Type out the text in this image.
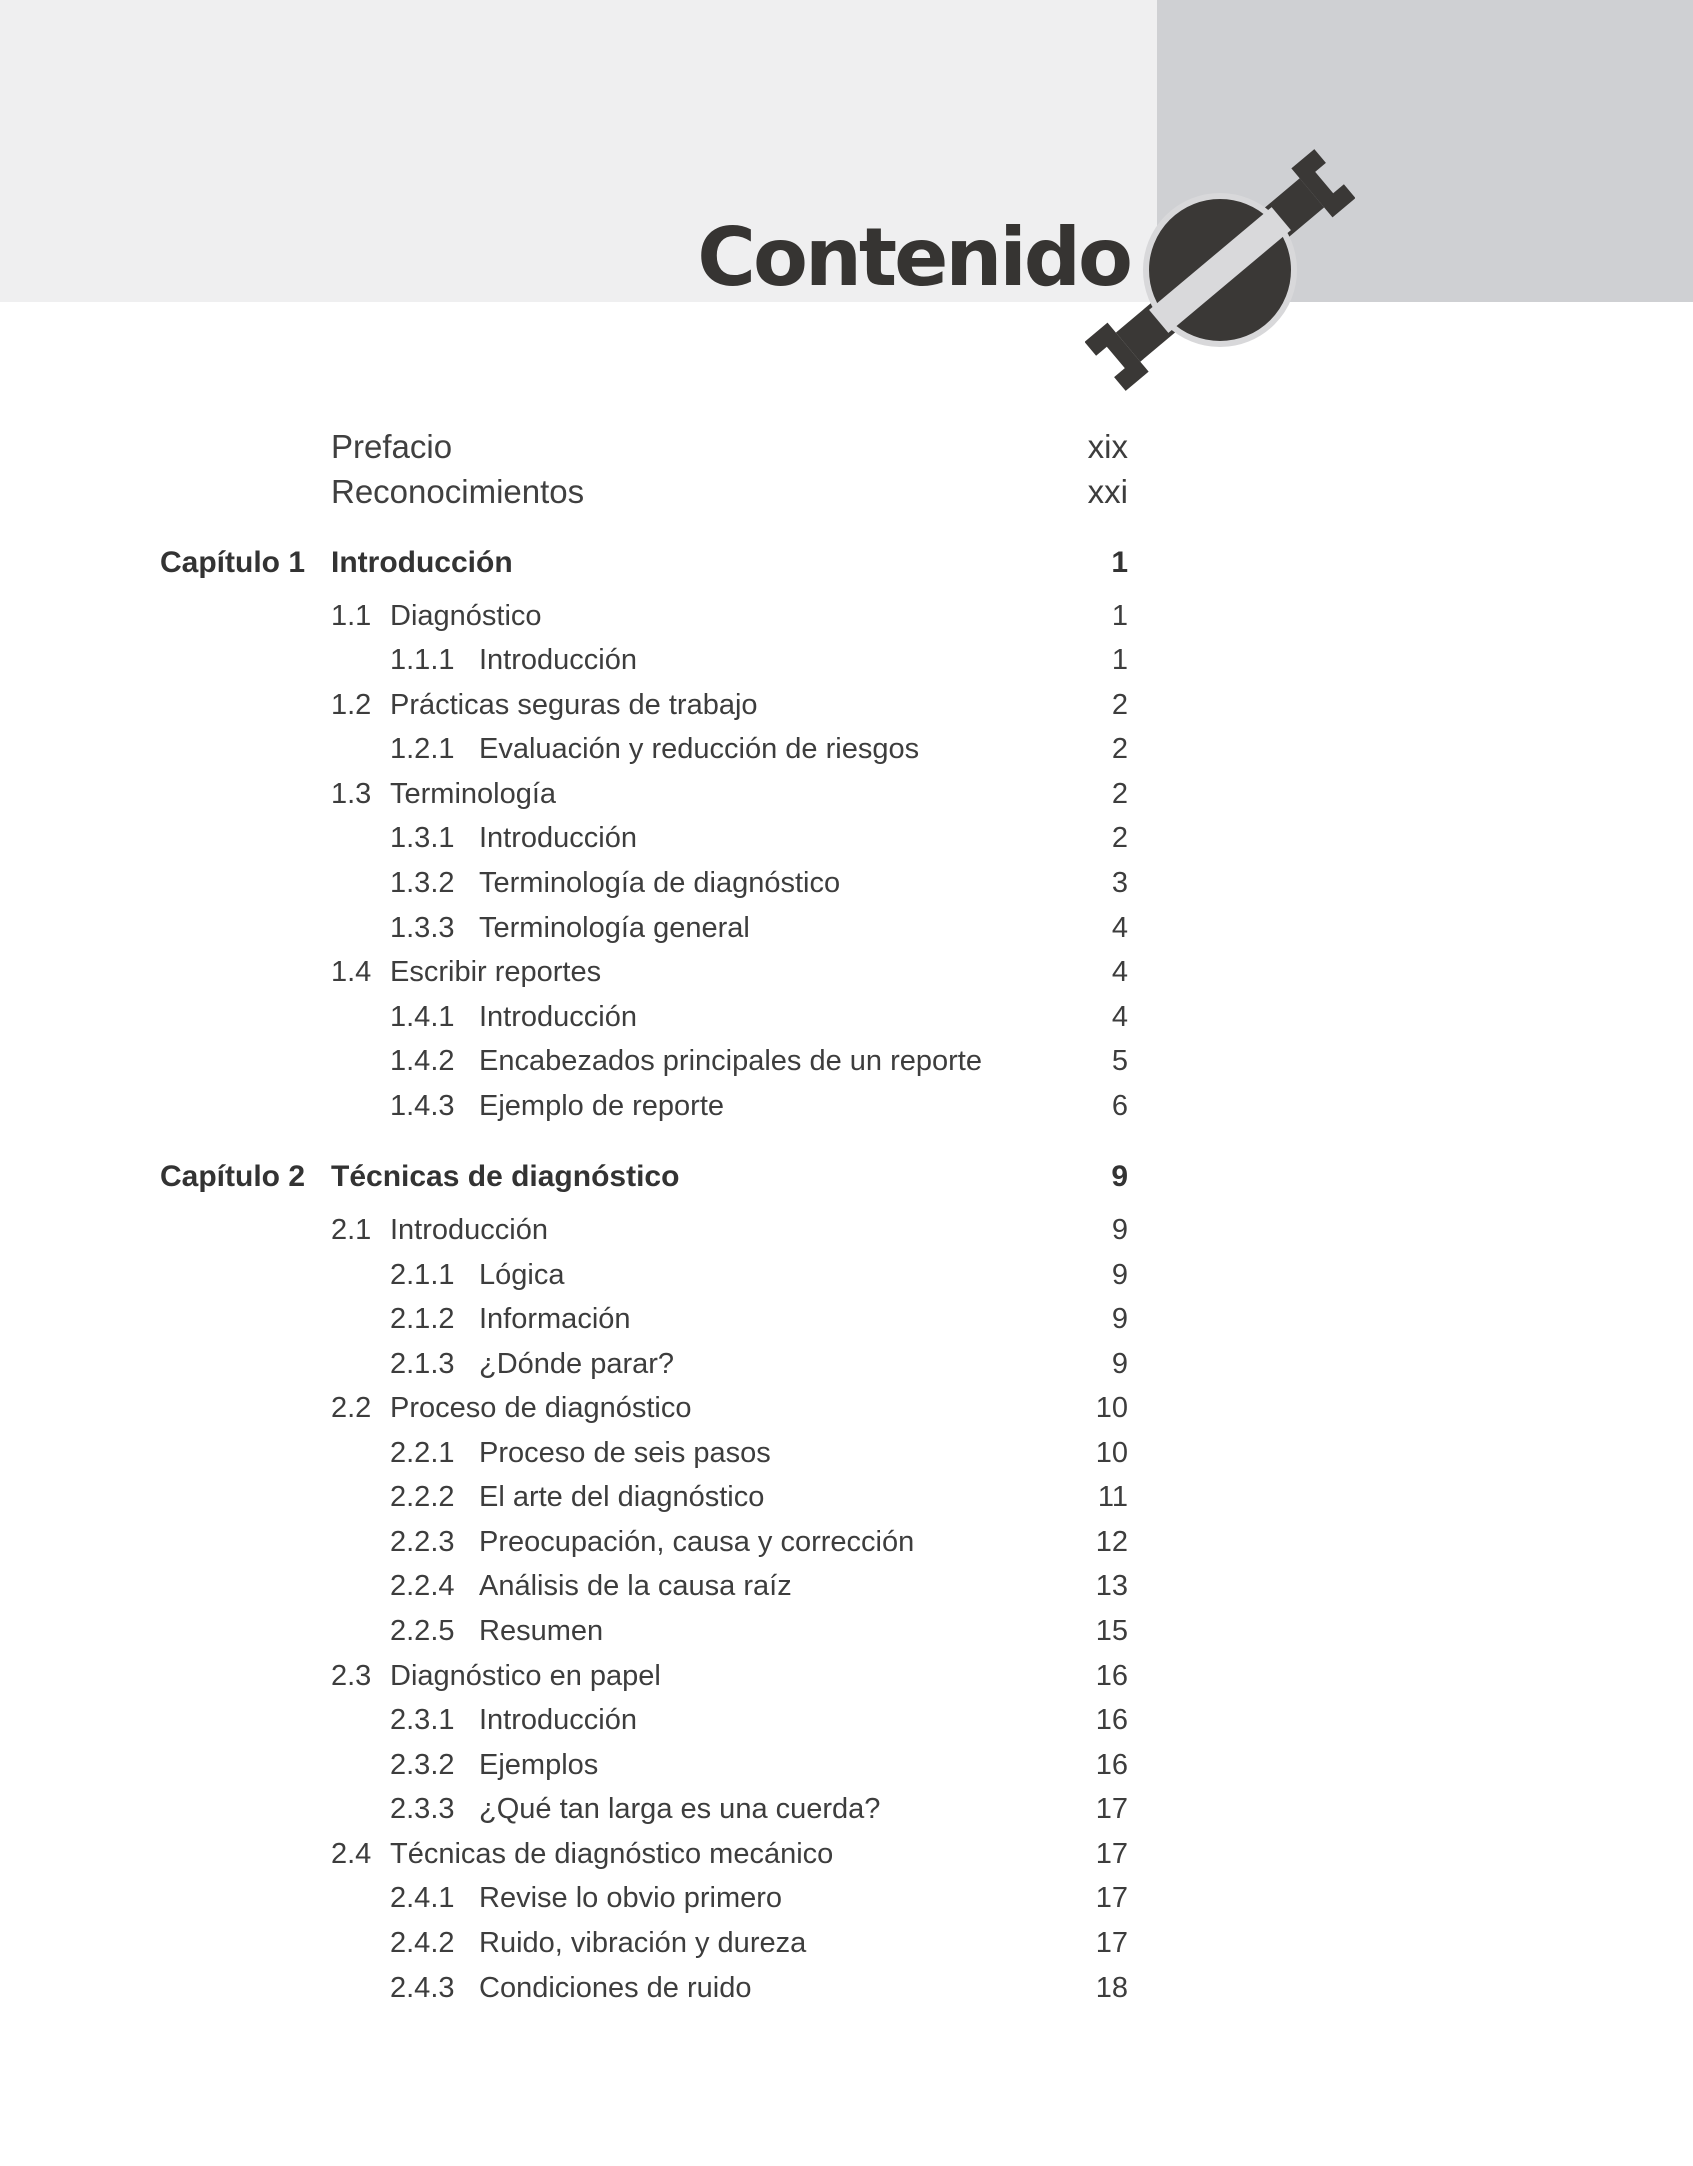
Contenido
Prefacio	xix
Reconocimientos	xxi
Capítulo 1 Introducción	1
1.1 Diagnóstico	1
1.1.1 Introducción	1
1.2 Prácticas seguras de trabajo	2
1.2.1 Evaluación y reducción de riesgos	2
1.3 Terminología	2
1.3.1 Introducción	2
1.3.2 Terminología de diagnóstico	3
1.3.3 Terminología general	4
1.4 Escribir reportes	4
1.4.1 Introducción	4
1.4.2 Encabezados principales de un reporte	5
1.4.3 Ejemplo de reporte	6
Capítulo 2 Técnicas de diagnóstico	9
2.1 Introducción	9
2.1.1 Lógica	9
2.1.2 Información	9
2.1.3 ¿Dónde parar?	9
2.2 Proceso de diagnóstico	10
2.2.1 Proceso de seis pasos	10
2.2.2 El arte del diagnóstico	11
2.2.3 Preocupación, causa y corrección	12
2.2.4 Análisis de la causa raíz	13
2.2.5 Resumen	15
2.3 Diagnóstico en papel	16
2.3.1 Introducción	16
2.3.2 Ejemplos	16
2.3.3 ¿Qué tan larga es una cuerda?	17
2.4 Técnicas de diagnóstico mecánico	17
2.4.1 Revise lo obvio primero	17
2.4.2 Ruido, vibración y dureza	17
2.4.3 Condiciones de ruido	18
